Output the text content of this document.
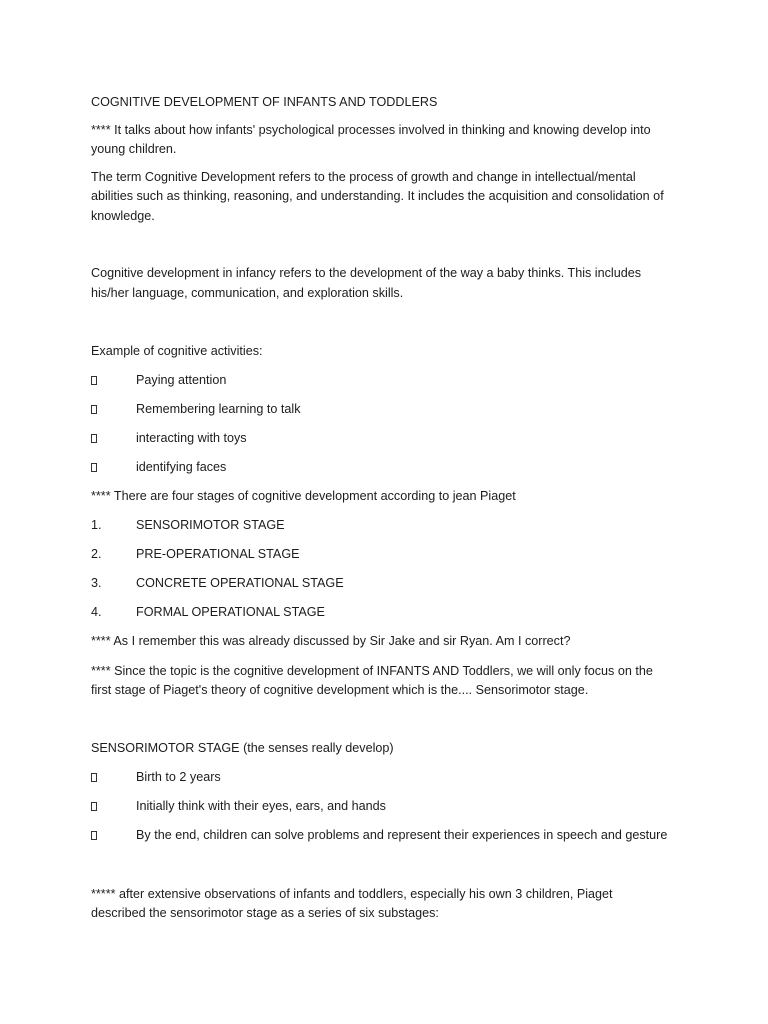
COGNITIVE DEVELOPMENT OF INFANTS AND TODDLERS
**** It talks about how infants' psychological processes involved in thinking and knowing develop into
young children.
The term Cognitive Development refers to the process of growth and change in intellectual/mental
abilities such as thinking, reasoning, and understanding. It includes the acquisition and consolidation of
knowledge.
Cognitive development in infancy refers to the development of the way a baby thinks. This includes
his/her language, communication, and exploration skills.
Example of cognitive activities:
Paying attention
Remembering learning to talk
interacting with toys
identifying faces
**** There are four stages of cognitive development according to jean Piaget
1.	SENSORIMOTOR STAGE
2.	PRE-OPERATIONAL STAGE
3.	CONCRETE OPERATIONAL STAGE
4.	FORMAL OPERATIONAL STAGE
**** As I remember this was already discussed by Sir Jake and sir Ryan. Am I correct?
**** Since the topic is the cognitive development of INFANTS AND Toddlers, we will only focus on the
first stage of Piaget's theory of cognitive development which is the.... Sensorimotor stage.
SENSORIMOTOR STAGE (the senses really develop)
Birth to 2 years
Initially think with their eyes, ears, and hands
By the end, children can solve problems and represent their experiences in speech and gesture
***** after extensive observations of infants and toddlers, especially his own 3 children, Piaget
described the sensorimotor stage as a series of six substages:
